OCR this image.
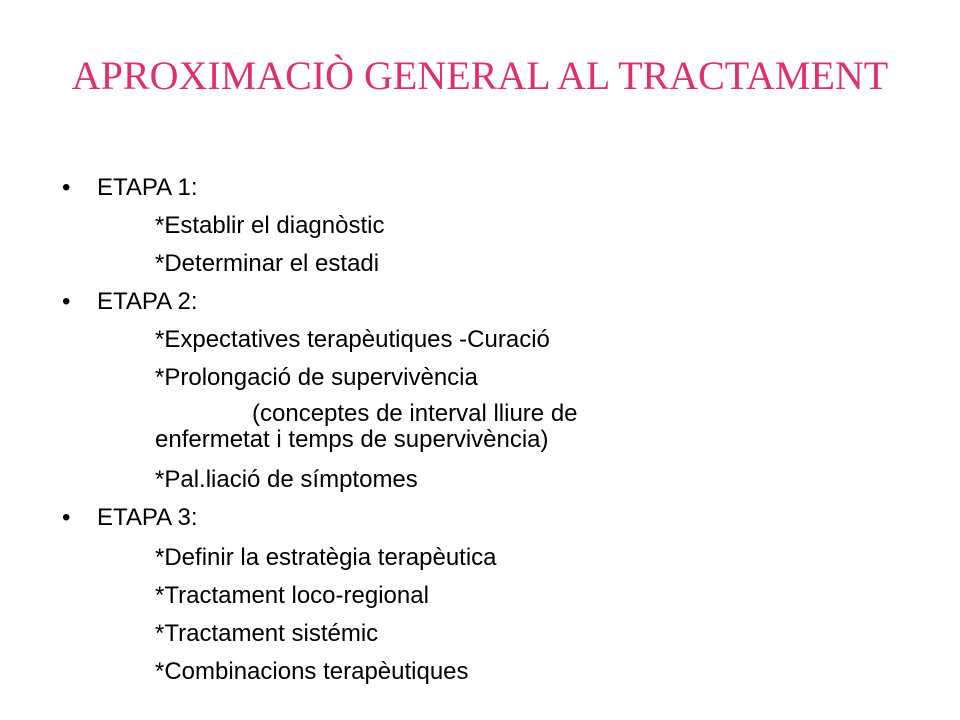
APROXIMACIÒ GENERAL AL TRACTAMENT
• ETAPA 1:
*Establir el diagnòstic
*Determinar el estadi
• ETAPA 2:
*Expectatives terapèutiques -Curació
*Prolongació de supervivència
(conceptes de interval lliure de
enfermetat i temps de supervivència)
*Pal.liació de símptomes
• ETAPA 3:
*Definir la estratègia terapèutica
*Tractament loco-regional
*Tractament sistémic
*Combinacions terapèutiques
